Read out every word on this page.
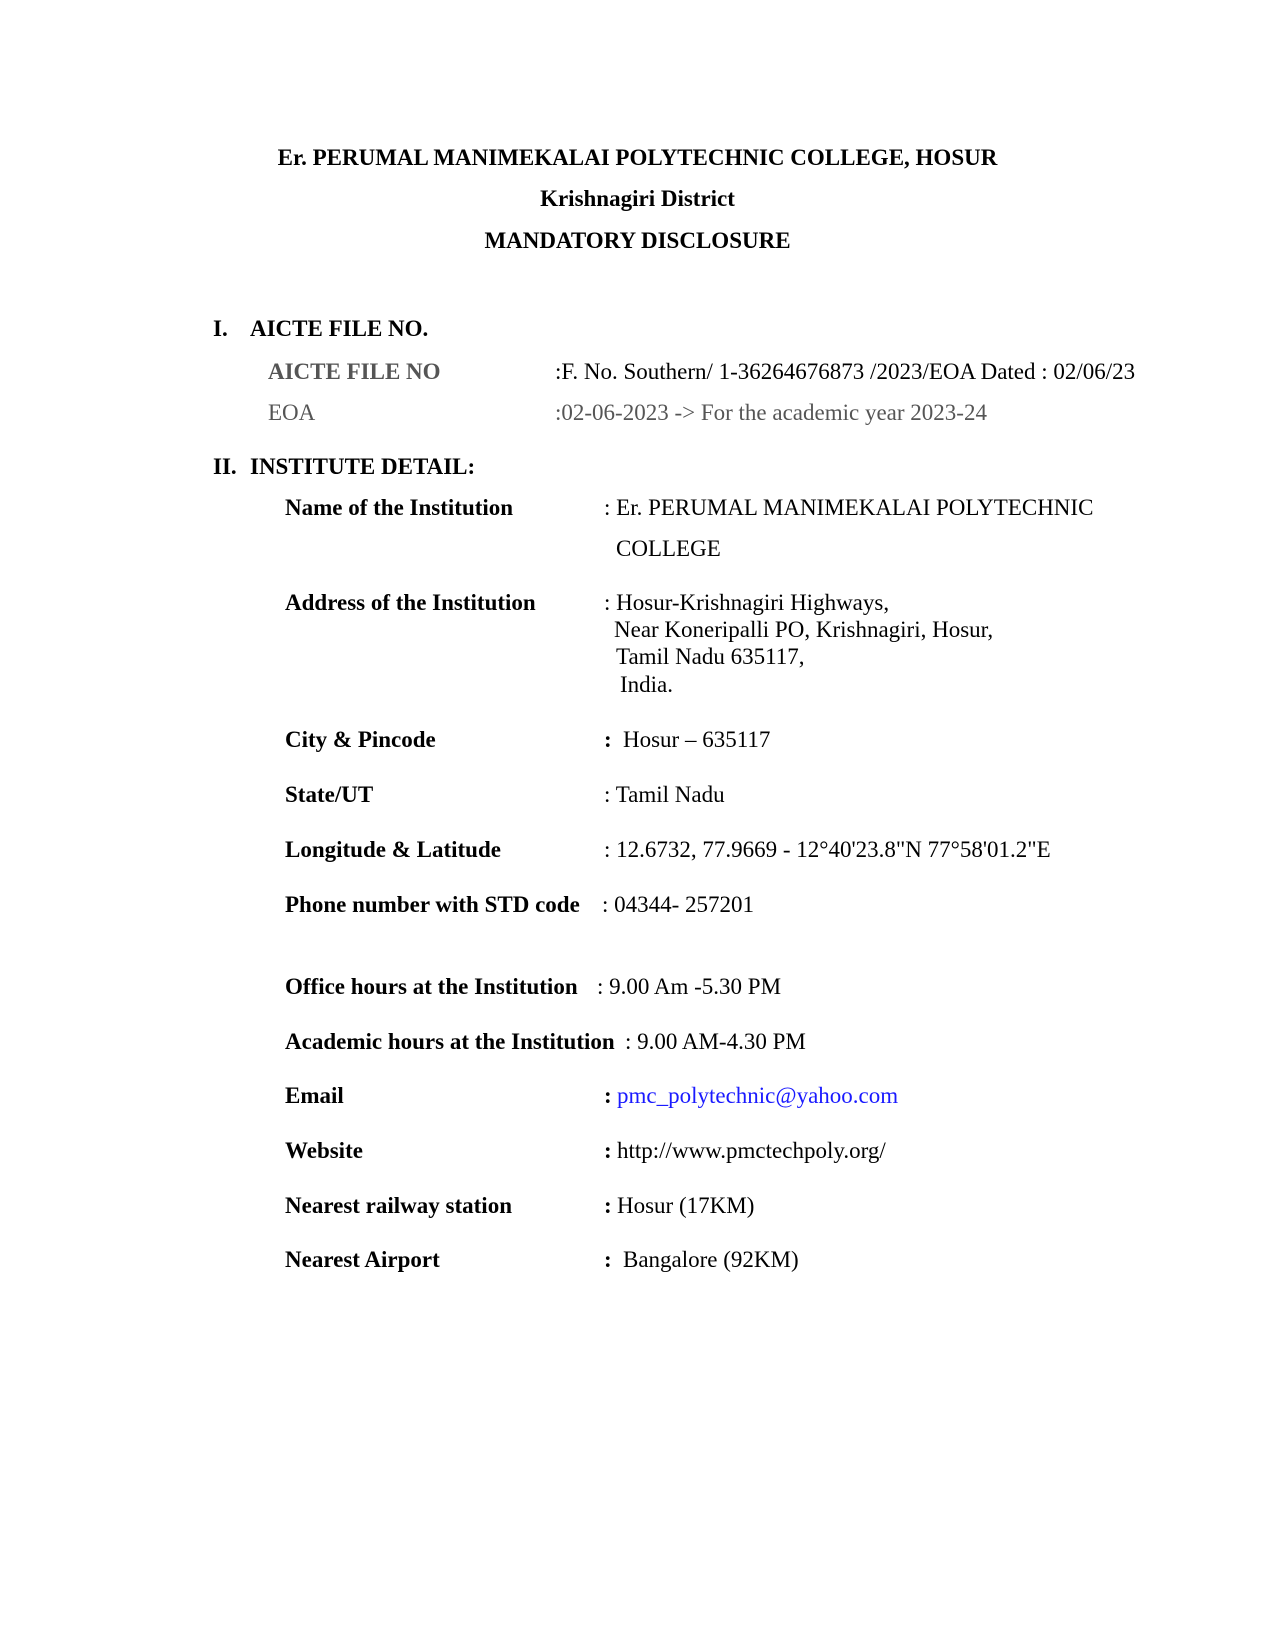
Er. PERUMAL MANIMEKALAI POLYTECHNIC COLLEGE, HOSUR
Krishnagiri District
MANDATORY DISCLOSURE
I. AICTE FILE NO.
AICTE FILE NO	:F. No. Southern/ 1-36264676873 /2023/EOA Dated : 02/06/23
EOA	:02-06-2023 -> For the academic year 2023-24
II. INSTITUTE DETAIL:
Name of the Institution	: Er. PERUMAL MANIMEKALAI POLYTECHNIC
COLLEGE
Address of the Institution	: Hosur-Krishnagiri Highways,
Near Koneripalli PO, Krishnagiri, Hosur,
Tamil Nadu 635117,
India.
City & Pincode	: Hosur – 635117
State/UT	: Tamil Nadu
Longitude & Latitude	: 12.6732, 77.9669 - 12°40'23.8"N 77°58'01.2"E
Phone number with STD code : 04344- 257201
Office hours at the Institution : 9.00 Am -5.30 PM
Academic hours at the Institution : 9.00 AM-4.30 PM
Email	: pmc_polytechnic@yahoo.com
Website	: http://www.pmctechpoly.org/
Nearest railway station	: Hosur (17KM)
Nearest Airport	: Bangalore (92KM)
